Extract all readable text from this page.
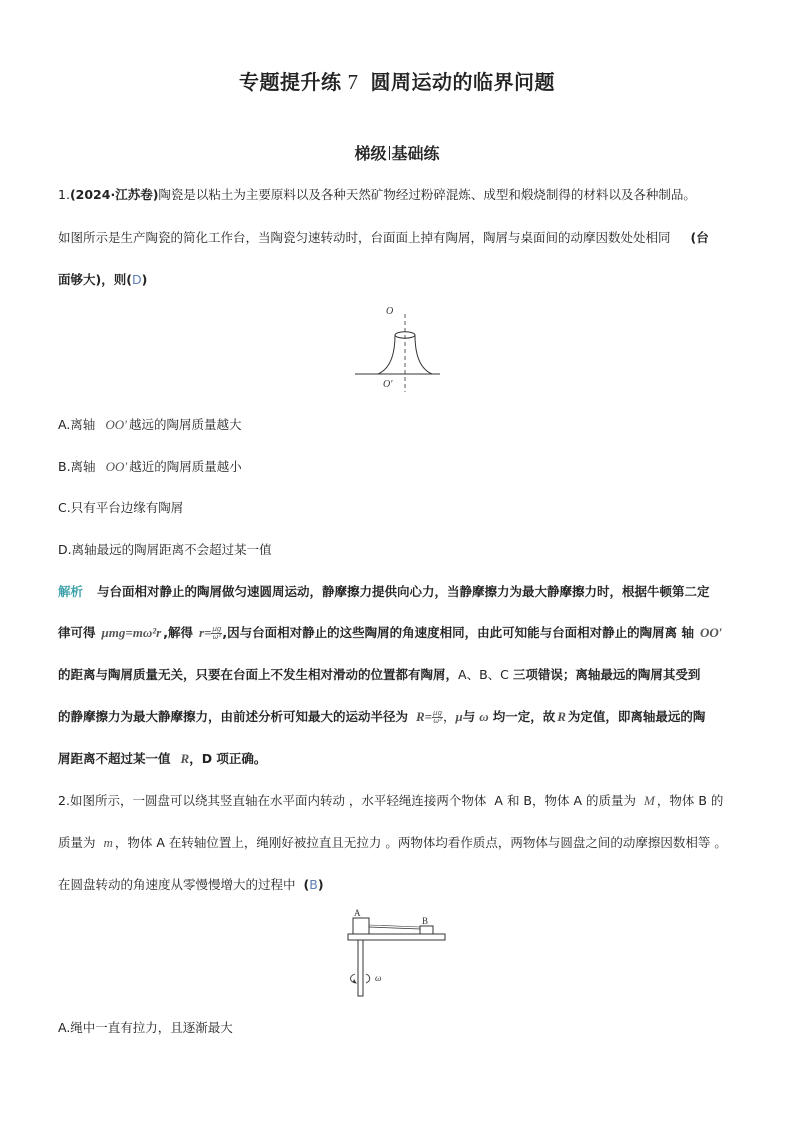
专题提升练 7 圆周运动的临界问题
梯级 基础练
1.(2024·江苏卷)陶瓷是以粘土为主要原料以及各种天然矿物经过粉碎混炼、成型和煅烧制得的材料以及各种制品。
如图所示是生产陶瓷的简化工作台，当陶瓷匀速转动时，台面面上掉有陶屑，陶屑与桌面间的动摩因数处处相同 (台
面够大)，则(D)
O
O′
A.离轴 OO′ 越远的陶屑质量越大
B.离轴 OO′ 越近的陶屑质量越小
C.只有平台边缘有陶屑
D.离轴最远的陶屑距离不会超过某一值
解析 与台面相对静止的陶屑做匀速圆周运动，静摩擦力提供向心力，当静摩擦力为最大静摩擦力时，根据牛顿第二定
律可得 μmg=mω²r ,解得 $r= \frac{\mu g}{\text{ω²}}$ ,因与台面相对静止的这些陶屑的角速度相同，由此可知能与台面相对静止的陶屑离 轴 OO′
的距离与陶屑质量无关，只要在台面上不发生相对滑动的位置都有陶屑，A、B、C 三项错误；离轴最远的陶屑其受到
的静摩擦力为最大静摩擦力，由前述分析可知最大的运动半径为 $R= \frac{\mu g}{\text{ω²}}$ ，μ与 ω 均一定，故 R 为定值，即离轴最远的陶
屑距离不超过某一值 R，D 项正确。
2.如图所示，一圆盘可以绕其竖直轴在水平面内转动 ，水平轻绳连接两个物体 A 和 B，物体 A 的质量为 M ，物体 B 的
质量为 m ，物体 A 在转轴位置上，绳刚好被拉直且无拉力 。两物体均看作质点，两物体与圆盘之间的动摩擦因数相等 。
在圆盘转动的角速度从零慢慢增大的过程中 (B)
A
B
ω
A.绳中一直有拉力，且逐渐最大
